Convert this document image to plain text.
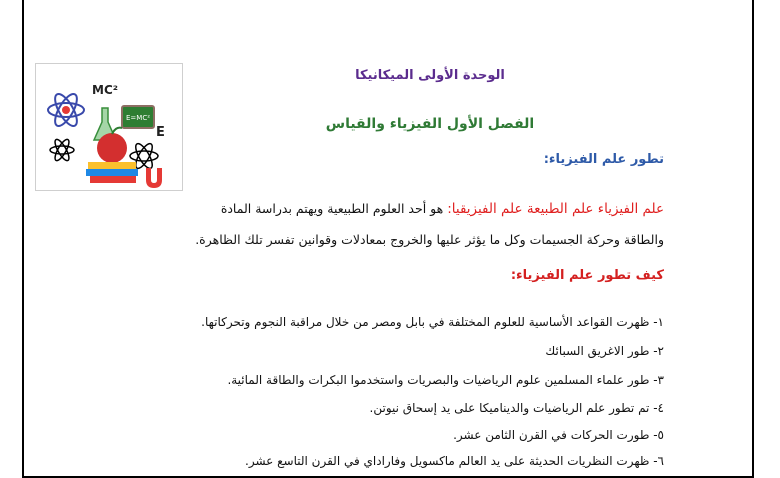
MC²
E=MC²
E
الوحدة الأولى الميكانيكا
الفصل الأول الفيزياء والقياس
تطور علم الفيزياء:
علم الفيزياء علم الطبيعة علم الفيزيقيا: هو أحد العلوم الطبيعية ويهتم بدراسة المادة
والطاقة وحركة الجسيمات وكل ما يؤثر عليها والخروج بمعادلات وقوانين تفسر تلك الظاهرة.
كيف تطور علم الفيزياء:
١- ظهرت القواعد الأساسية للعلوم المختلفة في بابل ومصر من خلال مراقبة النجوم وتحركاتها.
٢- طور الاغريق السبائك
٣- طور علماء المسلمين علوم الرياضيات والبصريات واستخدموا البكرات والطاقة المائية.
٤- تم تطور علم الرياضيات والديناميكا على يد إسحاق نيوتن.
٥- طورت الحركات في القرن الثامن عشر.
٦- ظهرت النظريات الحديثة على يد العالم ماكسويل وفاراداي في القرن التاسع عشر.
